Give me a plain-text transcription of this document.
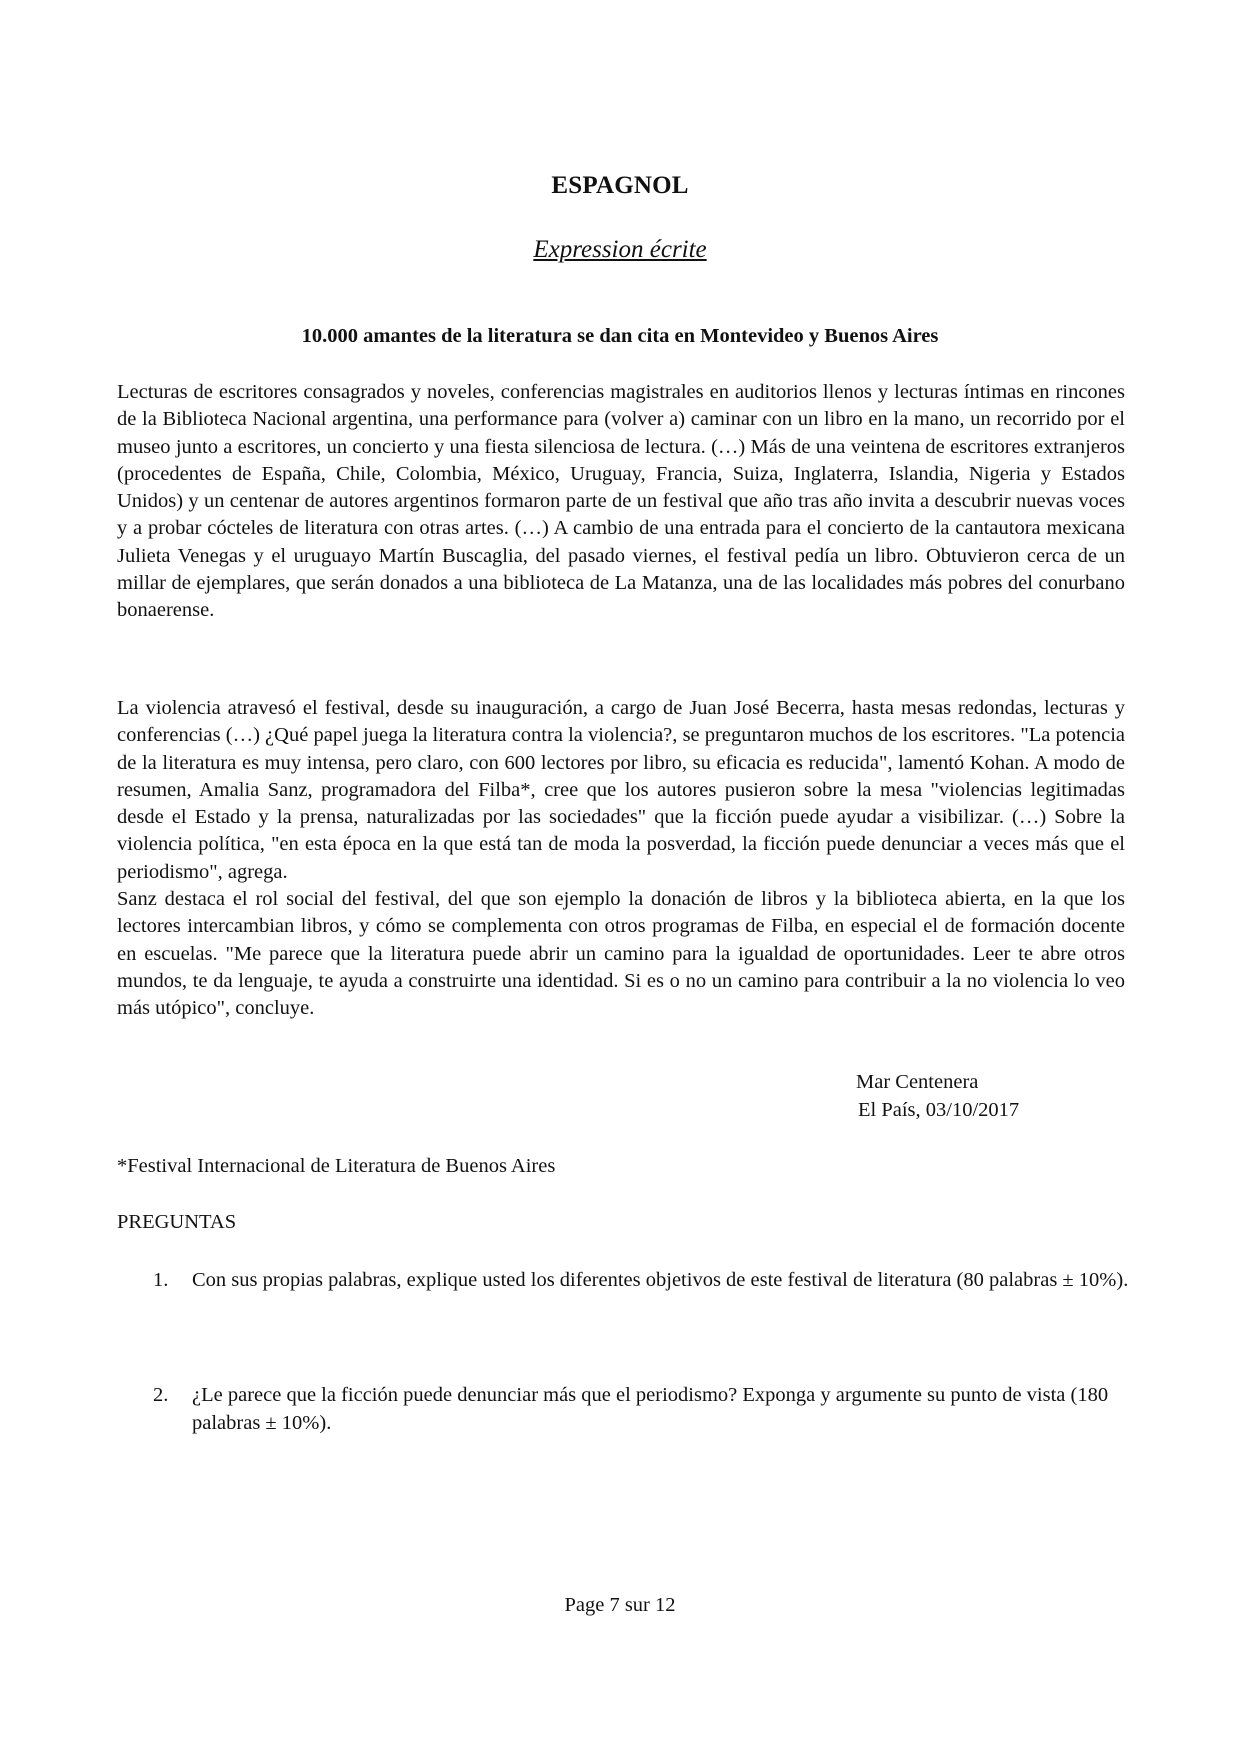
ESPAGNOL
Expression écrite
10.000 amantes de la literatura se dan cita en Montevideo y Buenos Aires

Lecturas de escritores consagrados y noveles, conferencias magistrales en auditorios llenos y lecturas íntimas en rincones de la Biblioteca Nacional argentina, una performance para (volver a) caminar con un libro en la mano, un recorrido por el museo junto a escritores, un concierto y una fiesta silenciosa de lectura. (…) Más de una veintena de escritores extranjeros (procedentes de España, Chile, Colombia, México, Uruguay, Francia, Suiza, Inglaterra, Islandia, Nigeria y Estados Unidos) y un centenar de autores argentinos formaron parte de un festival que año tras año invita a descubrir nuevas voces y a probar cócteles de literatura con otras artes. (…) A cambio de una entrada para el concierto de la cantautora mexicana Julieta Venegas y el uruguayo Martín Buscaglia, del pasado viernes, el festival pedía un libro. Obtuvieron cerca de un millar de ejemplares, que serán donados a una biblioteca de La Matanza, una de las localidades más pobres del conurbano bonaerense.

La violencia atravesó el festival, desde su inauguración, a cargo de Juan José Becerra, hasta mesas redondas, lecturas y conferencias (…) ¿Qué papel juega la literatura contra la violencia?, se preguntaron muchos de los escritores. "La potencia de la literatura es muy intensa, pero claro, con 600 lectores por libro, su eficacia es reducida", lamentó Kohan. A modo de resumen, Amalia Sanz, programadora del Filba*, cree que los autores pusieron sobre la mesa "violencias legitimadas desde el Estado y la prensa, naturalizadas por las sociedades" que la ficción puede ayudar a visibilizar. (…) Sobre la violencia política, "en esta época en la que está tan de moda la posverdad, la ficción puede denunciar a veces más que el periodismo", agrega.

Sanz destaca el rol social del festival, del que son ejemplo la donación de libros y la biblioteca abierta, en la que los lectores intercambian libros, y cómo se complementa con otros programas de Filba, en especial el de formación docente en escuelas. "Me parece que la literatura puede abrir un camino para la igualdad de oportunidades. Leer te abre otros mundos, te da lenguaje, te ayuda a construirte una identidad. Si es o no un camino para contribuir a la no violencia lo veo más utópico", concluye.

Mar Centenera
El País, 03/10/2017
*Festival Internacional de Literatura de Buenos Aires
PREGUNTAS
1. Con sus propias palabras, explique usted los diferentes objetivos de este festival de literatura (80 palabras ± 10%).
2. ¿Le parece que la ficción puede denunciar más que el periodismo? Exponga y argumente su punto de vista (180 palabras ± 10%).
Page 7 sur 12
